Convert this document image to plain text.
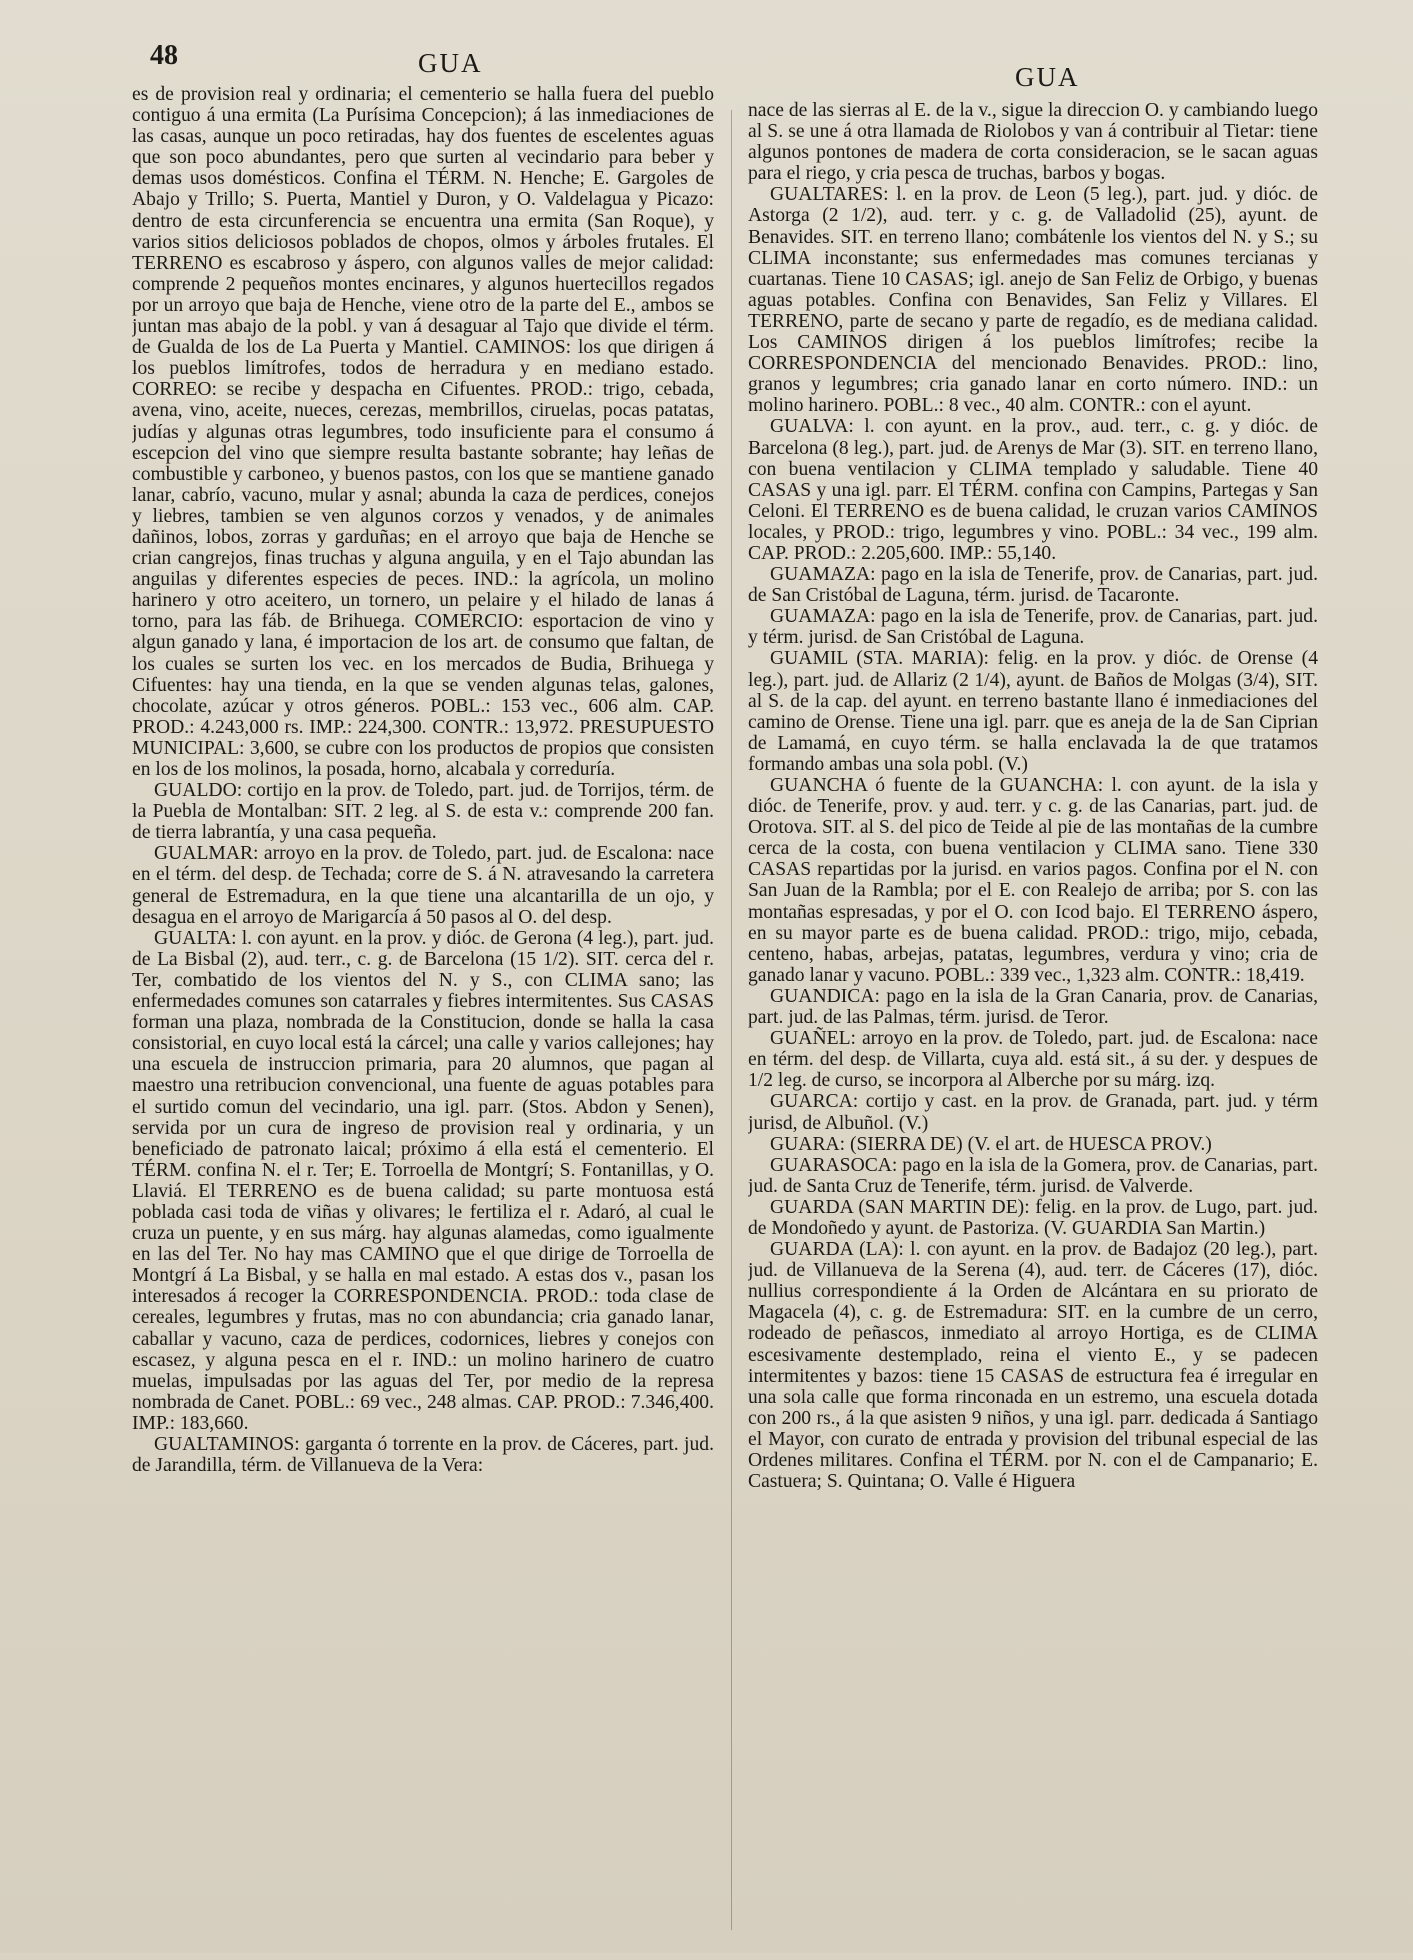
48	GUA	GUA

es de provision real y ordinaria; el cementerio se halla fuera del pueblo contiguo á una ermita (La Purísima Concepcion); á las inmediaciones de las casas, aunque un poco retiradas, hay dos fuentes de escelentes aguas que son poco abundantes, pero que surten al vecindario para beber y demas usos domésticos. Confina el TÉRM. N. Henche; E. Gargoles de Abajo y Trillo; S. Puerta, Mantiel y Duron, y O. Valdelagua y Picazo: dentro de esta circunferencia se encuentra una ermita (San Roque), y varios sitios deliciosos poblados de chopos, olmos y árboles frutales. El TERRENO es escabroso y áspero, con algunos valles de mejor calidad: comprende 2 pequeños montes encinares, y algunos huertecillos regados por un arroyo que baja de Henche, viene otro de la parte del E., ambos se juntan mas abajo de la pobl. y van á desaguar al Tajo que divide el térm. de Gualda de los de La Puerta y Mantiel. CAMINOS: los que dirigen á los pueblos limítrofes, todos de herradura y en mediano estado. CORREO: se recibe y despacha en Cifuentes. PROD.: trigo, cebada, avena, vino, aceite, nueces, cerezas, membrillos, ciruelas, pocas patatas, judías y algunas otras legumbres, todo insuficiente para el consumo á escepcion del vino que siempre resulta bastante sobrante; hay leñas de combustible y carboneo, y buenos pastos, con los que se mantiene ganado lanar, cabrío, vacuno, mular y asnal; abunda la caza de perdices, conejos y liebres, tambien se ven algunos corzos y venados, y de animales dañinos, lobos, zorras y garduñas; en el arroyo que baja de Henche se crian cangrejos, finas truchas y alguna anguila, y en el Tajo abundan las anguilas y diferentes especies de peces. IND.: la agrícola, un molino harinero y otro aceitero, un tornero, un pelaire y el hilado de lanas á torno, para las fáb. de Brihuega. COMERCIO: esportacion de vino y algun ganado y lana, é importacion de los art. de consumo que faltan, de los cuales se surten los vec. en los mercados de Budia, Brihuega y Cifuentes: hay una tienda, en la que se venden algunas telas, galones, chocolate, azúcar y otros géneros. POBL.: 153 vec., 606 alm. CAP. PROD.: 4.243,000 rs. IMP.: 224,300. CONTR.: 13,972. PRESUPUESTO MUNICIPAL: 3,600, se cubre con los productos de propios que consisten en los de los molinos, la posada, horno, alcabala y correduría.

GUALDO: cortijo en la prov. de Toledo, part. jud. de Torrijos, térm. de la Puebla de Montalban: SIT. 2 leg. al S. de esta v.: comprende 200 fan. de tierra labrantía, y una casa pequeña.

GUALMAR: arroyo en la prov. de Toledo, part. jud. de Escalona: nace en el térm. del desp. de Techada; corre de S. á N. atravesando la carretera general de Estremadura, en la que tiene una alcantarilla de un ojo, y desagua en el arroyo de Marigarcía á 50 pasos al O. del desp.

GUALTA: l. con ayunt. en la prov. y dióc. de Gerona (4 leg.), part. jud. de La Bisbal (2), aud. terr., c. g. de Barcelona (15 1/2). SIT. cerca del r. Ter, combatido de los vientos del N. y S., con CLIMA sano; las enfermedades comunes son catarrales y fiebres intermitentes. Sus CASAS forman una plaza, nombrada de la Constitucion, donde se halla la casa consistorial, en cuyo local está la cárcel; una calle y varios callejones; hay una escuela de instruccion primaria, para 20 alumnos, que pagan al maestro una retribucion convencional, una fuente de aguas potables para el surtido comun del vecindario, una igl. parr. (Stos. Abdon y Senen), servida por un cura de ingreso de provision real y ordinaria, y un beneficiado de patronato laical; próximo á ella está el cementerio. El TÉRM. confina N. el r. Ter; E. Torroella de Montgrí; S. Fontanillas, y O. Llaviá. El TERRENO es de buena calidad; su parte montuosa está poblada casi toda de viñas y olivares; le fertiliza el r. Adaró, al cual le cruza un puente, y en sus márg. hay algunas alamedas, como igualmente en las del Ter. No hay mas CAMINO que el que dirige de Torroella de Montgrí á La Bisbal, y se halla en mal estado. A estas dos v., pasan los interesados á recoger la CORRESPONDENCIA. PROD.: toda clase de cereales, legumbres y frutas, mas no con abundancia; cria ganado lanar, caballar y vacuno, caza de perdices, codornices, liebres y conejos con escasez, y alguna pesca en el r. IND.: un molino harinero de cuatro muelas, impulsadas por las aguas del Ter, por medio de la represa nombrada de Canet. POBL.: 69 vec., 248 almas. CAP. PROD.: 7.346,400. IMP.: 183,660.

GUALTAMINOS: garganta ó torrente en la prov. de Cáceres, part. jud. de Jarandilla, térm. de Villanueva de la Vera:

nace de las sierras al E. de la v., sigue la direccion O. y cambiando luego al S. se une á otra llamada de Riolobos y van á contribuir al Tietar: tiene algunos pontones de madera de corta consideracion, se le sacan aguas para el riego, y cria pesca de truchas, barbos y bogas.

GUALTARES: l. en la prov. de Leon (5 leg.), part. jud. y dióc. de Astorga (2 1/2), aud. terr. y c. g. de Valladolid (25), ayunt. de Benavides. SIT. en terreno llano; combátenle los vientos del N. y S.; su CLIMA inconstante; sus enfermedades mas comunes tercianas y cuartanas. Tiene 10 CASAS; igl. anejo de San Feliz de Orbigo, y buenas aguas potables. Confina con Benavides, San Feliz y Villares. El TERRENO, parte de secano y parte de regadío, es de mediana calidad. Los CAMINOS dirigen á los pueblos limítrofes; recibe la CORRESPONDENCIA del mencionado Benavides. PROD.: lino, granos y legumbres; cria ganado lanar en corto número. IND.: un molino harinero. POBL.: 8 vec., 40 alm. CONTR.: con el ayunt.

GUALVA: l. con ayunt. en la prov., aud. terr., c. g. y dióc. de Barcelona (8 leg.), part. jud. de Arenys de Mar (3). SIT. en terreno llano, con buena ventilacion y CLIMA templado y saludable. Tiene 40 CASAS y una igl. parr. El TÉRM. confina con Campins, Partegas y San Celoni. El TERRENO es de buena calidad, le cruzan varios CAMINOS locales, y PROD.: trigo, legumbres y vino. POBL.: 34 vec., 199 alm. CAP. PROD.: 2.205,600. IMP.: 55,140.

GUAMAZA: pago en la isla de Tenerife, prov. de Canarias, part. jud. de San Cristóbal de Laguna, térm. jurisd. de Tacaronte.

GUAMAZA: pago en la isla de Tenerife, prov. de Canarias, part. jud. y térm. jurisd. de San Cristóbal de Laguna.

GUAMIL (STA. MARIA): felig. en la prov. y dióc. de Orense (4 leg.), part. jud. de Allariz (2 1/4), ayunt. de Baños de Molgas (3/4), SIT. al S. de la cap. del ayunt. en terreno bastante llano é inmediaciones del camino de Orense. Tiene una igl. parr. que es aneja de la de San Ciprian de Lamamá, en cuyo térm. se halla enclavada la de que tratamos formando ambas una sola pobl. (V.)

GUANCHA ó fuente de la GUANCHA: l. con ayunt. de la isla y dióc. de Tenerife, prov. y aud. terr. y c. g. de las Canarias, part. jud. de Orotova. SIT. al S. del pico de Teide al pie de las montañas de la cumbre cerca de la costa, con buena ventilacion y CLIMA sano. Tiene 330 CASAS repartidas por la jurisd. en varios pagos. Confina por el N. con San Juan de la Rambla; por el E. con Realejo de arriba; por S. con las montañas espresadas, y por el O. con Icod bajo. El TERRENO áspero, en su mayor parte es de buena calidad. PROD.: trigo, mijo, cebada, centeno, habas, arbejas, patatas, legumbres, verdura y vino; cria de ganado lanar y vacuno. POBL.: 339 vec., 1,323 alm. CONTR.: 18,419.

GUANDICA: pago en la isla de la Gran Canaria, prov. de Canarias, part. jud. de las Palmas, térm. jurisd. de Teror.

GUAÑEL: arroyo en la prov. de Toledo, part. jud. de Escalona: nace en térm. del desp. de Villarta, cuya ald. está sit., á su der. y despues de 1/2 leg. de curso, se incorpora al Alberche por su márg. izq.

GUARCA: cortijo y cast. en la prov. de Granada, part. jud. y térm jurisd, de Albuñol. (V.)

GUARA: (SIERRA DE) (V. el art. de HUESCA PROV.)

GUARASOCA: pago en la isla de la Gomera, prov. de Canarias, part. jud. de Santa Cruz de Tenerife, térm. jurisd. de Valverde.

GUARDA (SAN MARTIN DE): felig. en la prov. de Lugo, part. jud. de Mondoñedo y ayunt. de Pastoriza. (V. GUARDIA San Martin.)

GUARDA (LA): l. con ayunt. en la prov. de Badajoz (20 leg.), part. jud. de Villanueva de la Serena (4), aud. terr. de Cáceres (17), dióc. nullius correspondiente á la Orden de Alcántara en su priorato de Magacela (4), c. g. de Estremadura: SIT. en la cumbre de un cerro, rodeado de peñascos, inmediato al arroyo Hortiga, es de CLIMA escesivamente destemplado, reina el viento E., y se padecen intermitentes y bazos: tiene 15 CASAS de estructura fea é irregular en una sola calle que forma rinconada en un estremo, una escuela dotada con 200 rs., á la que asisten 9 niños, y una igl. parr. dedicada á Santiago el Mayor, con curato de entrada y provision del tribunal especial de las Ordenes militares. Confina el TÉRM. por N. con el de Campanario; E. Castuera; S. Quintana; O. Valle é Higuera
